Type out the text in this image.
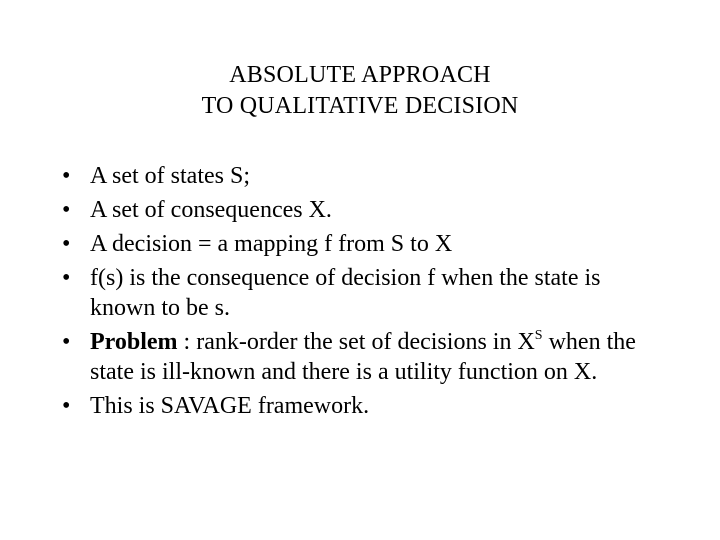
ABSOLUTE APPROACH
TO QUALITATIVE DECISION
• A set of states S;
• A set of consequences X.
• A decision = a mapping f from S to X
• f(s) is the consequence of decision f when the state is known to be s.
• Problem : rank-order the set of decisions in $X^S$ when the state is ill-known and there is a utility function on X.
• This is SAVAGE framework.
